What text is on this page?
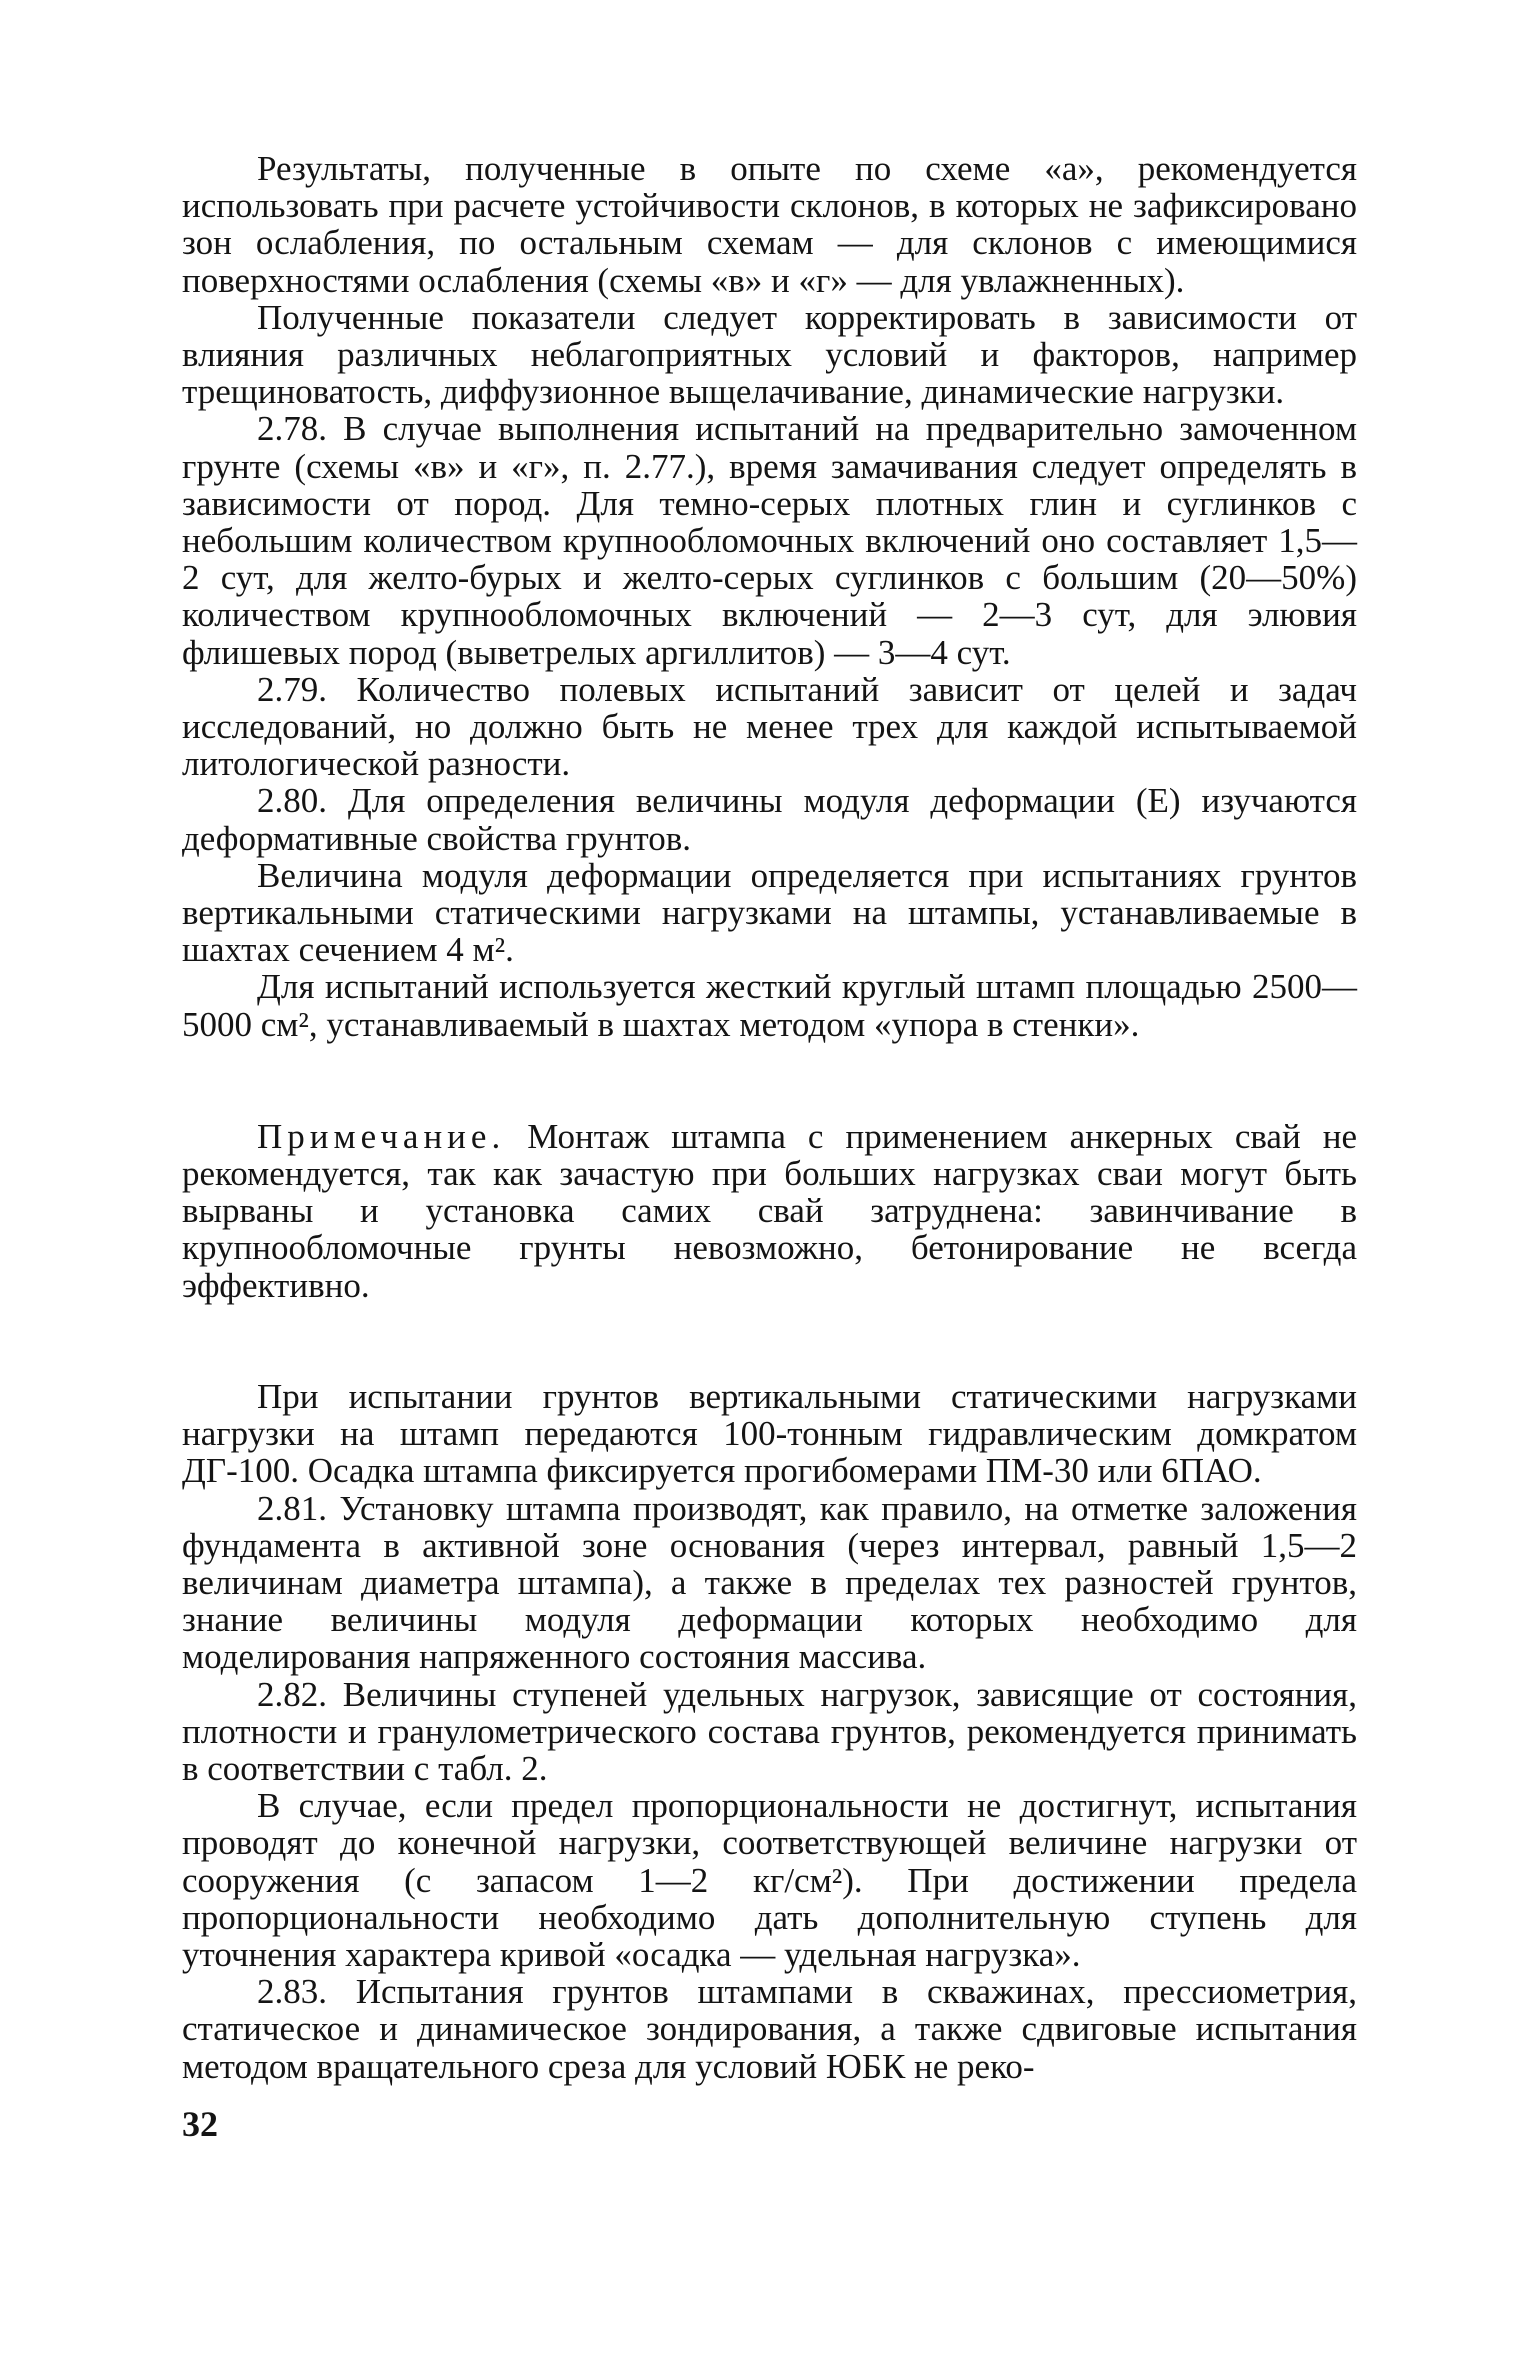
Результаты, полученные в опыте по схеме «а», рекомендуется использовать при расчете устойчивости склонов, в которых не зафиксировано зон ослабления, по остальным схемам — для склонов с имеющимися поверхностями ослабления (схемы «в» и «г» — для увлажненных).

Полученные показатели следует корректировать в зависимости от влияния различных неблагоприятных условий и факторов, например трещиноватость, диффузионное выщелачивание, динамические нагрузки.

2.78. В случае выполнения испытаний на предварительно замоченном грунте (схемы «в» и «г», п. 2.77.), время замачивания следует определять в зависимости от пород. Для темно-серых плотных глин и суглинков с небольшим количеством крупнообломочных включений оно составляет 1,5—2 сут, для желто-бурых и желто-серых суглинков с большим (20—50%) количеством крупнообломочных включений — 2—3 сут, для элювия флишевых пород (выветрелых аргиллитов) — 3—4 сут.

2.79. Количество полевых испытаний зависит от целей и задач исследований, но должно быть не менее трех для каждой испытываемой литологической разности.

2.80. Для определения величины модуля деформации (Е) изучаются деформативные свойства грунтов.

Величина модуля деформации определяется при испытаниях грунтов вертикальными статическими нагрузками на штампы, устанавливаемые в шахтах сечением 4 м².

Для испытаний используется жесткий круглый штамп площадью 2500—5000 см², устанавливаемый в шахтах методом «упора в стенки».

Примечание. Монтаж штампа с применением анкерных свай не рекомендуется, так как зачастую при больших нагрузках сваи могут быть вырваны и установка самих свай затруднена: завинчивание в крупнообломочные грунты невозможно, бетонирование не всегда эффективно.

При испытании грунтов вертикальными статическими нагрузками нагрузки на штамп передаются 100-тонным гидравлическим домкратом ДГ-100. Осадка штампа фиксируется прогибомерами ПМ-30 или 6ПАО.

2.81. Установку штампа производят, как правило, на отметке заложения фундамента в активной зоне основания (через интервал, равный 1,5—2 величинам диаметра штампа), а также в пределах тех разностей грунтов, знание величины модуля деформации которых необходимо для моделирования напряженного состояния массива.

2.82. Величины ступеней удельных нагрузок, зависящие от состояния, плотности и гранулометрического состава грунтов, рекомендуется принимать в соответствии с табл. 2.

В случае, если предел пропорциональности не достигнут, испытания проводят до конечной нагрузки, соответствующей величине нагрузки от сооружения (с запасом 1—2 кг/см²). При достижении предела пропорциональности необходимо дать дополнительную ступень для уточнения характера кривой «осадка — удельная нагрузка».

2.83. Испытания грунтов штампами в скважинах, прессиометрия, статическое и динамическое зондирования, а также сдвиговые испытания методом вращательного среза для условий ЮБК не реко-

32
